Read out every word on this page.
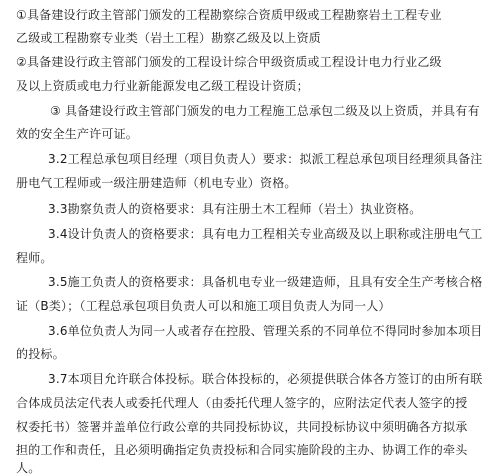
①具备建设行政主管部门颁发的工程勘察综合资质甲级或工程勘察岩土工程专业
乙级或工程勘察专业类（岩土工程）勘察乙级及以上资质
②具备建设行政主管部门颁发的工程设计综合甲级资质或工程设计电力行业乙级
及以上资质或电力行业新能源发电乙级工程设计资质；
③ 具备建设行政主管部门颁发的电力工程施工总承包二级及以上资质，并具有有
效的安全生产许可证。
3.2工程总承包项目经理（项目负责人）要求：拟派工程总承包项目经理须具备注
册电气工程师或一级注册建造师（机电专业）资格。
3.3勘察负责人的资格要求：具有注册土木工程师（岩土）执业资格。
3.4设计负责人的资格要求：具有电力工程相关专业高级及以上职称或注册电气工
程师。
3.5施工负责人的资格要求：具备机电专业一级建造师，且具有安全生产考核合格
证（B类）；（工程总承包项目负责人可以和施工项目负责人为同一人）
3.6单位负责人为同一人或者存在控股、管理关系的不同单位不得同时参加本项目
的投标。
3.7本项目允许联合体投标。联合体投标的，必须提供联合体各方签订的由所有联
合体成员法定代表人或委托代理人（由委托代理人签字的，应附法定代表人签字的授
权委托书）签署并盖单位行政公章的共同投标协议，共同投标协议中须明确各方拟承
担的工作和责任，且必须明确指定负责投标和合同实施阶段的主办、协调工作的牵头
人。
